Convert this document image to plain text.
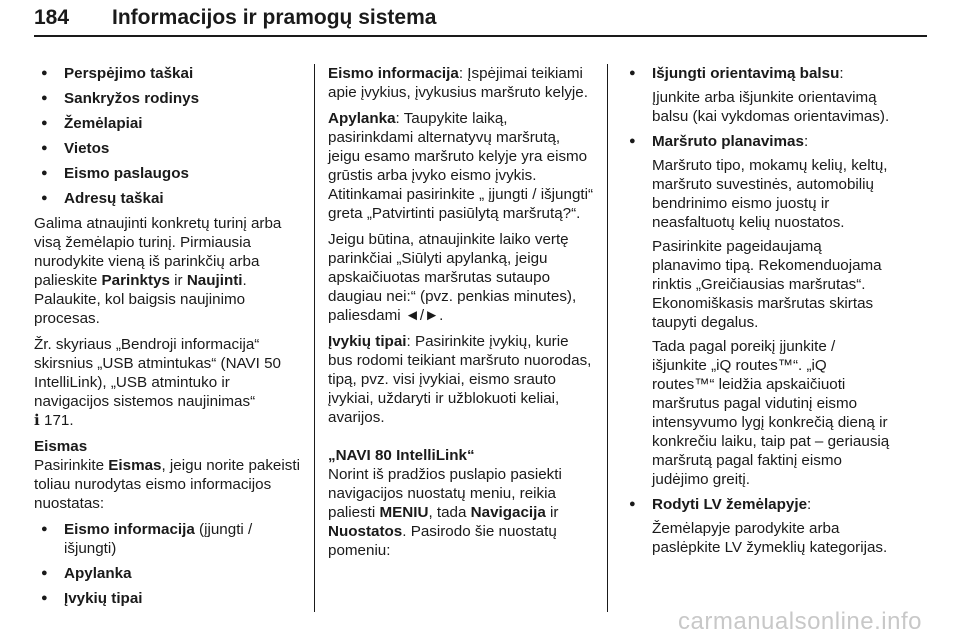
184	Informacijos ir pramogų sistema
● Perspėjimo taškai
● Sankryžos rodinys
● Žemėlapiai
● Vietos
● Eismo paslaugos
● Adresų taškai

Galima atnaujinti konkretų turinį arba visą žemėlapio turinį. Pirmiausia nurodykite vieną iš parinkčių arba palieskite Parinktys ir Naujinti. Palaukite, kol baigsis naujinimo procesas.

Žr. skyriaus „Bendroji informacija“ skirsnius „USB atmintukas“ (NAVI 50 IntelliLink), „USB atmintuko ir navigacijos sistemos naujinimas“
ℹ 171.

Eismas

Pasirinkite Eismas, jeigu norite pakeisti toliau nurodytas eismo informacijos nuostatas:

● Eismo informacija (įjungti / išjungti)
● Apylanka
● Įvykių tipai

Eismo informacija: Įspėjimai teikiami apie įvykius, įvykusius maršruto kelyje.

Apylanka: Taupykite laiką, pasirinkdami alternatyvų maršrutą, jeigu esamo maršruto kelyje yra eismo grūstis arba įvyko eismo įvykis. Atitinkamai pasirinkite „ įjungti / išjungti“ greta „Patvirtinti pasiūlytą maršrutą?“.

Jeigu būtina, atnaujinkite laiko vertę parinkčiai „Siūlyti apylanką, jeigu apskaičiuotas maršrutas sutaupo daugiau nei:“ (pvz. penkias minutes), paliesdami ◄/►.

Įvykių tipai: Pasirinkite įvykių, kurie bus rodomi teikiant maršruto nuorodas, tipą, pvz. visi įvykiai, eismo srauto įvykiai, uždaryti ir užblokuoti keliai, avarijos.

„NAVI 80 IntelliLink“

Norint iš pradžios puslapio pasiekti navigacijos nuostatų meniu, reikia paliesti MENIU, tada Navigacija ir
Nuostatos. Pasirodo šie nuostatų pomeniu:

● Išjungti orientavimą balsu:

Įjunkite arba išjunkite orientavimą balsu (kai vykdomas orientavimas).

● Maršruto planavimas:

Maršruto tipo, mokamų kelių, keltų, maršruto suvestinės, automobilių bendrinimo eismo juostų ir neasfaltuotų kelių nuostatos.

Pasirinkite pageidaujamą planavimo tipą. Rekomenduojama rinktis „Greičiausias maršrutas“. Ekonomiškasis maršrutas skirtas taupyti degalus.

Tada pagal poreikį įjunkite / išjunkite „iQ routes™“. „iQ routes™“ leidžia apskaičiuoti maršrutus pagal vidutinį eismo intensyvumo lygį konkrečią dieną ir konkrečiu laiku, taip pat – geriausią maršrutą pagal faktinį eismo judėjimo greitį.

● Rodyti LV žemėlapyje:

Žemėlapyje parodykite arba paslėpkite LV žymeklių kategorijas.

carmanualsonline.info
